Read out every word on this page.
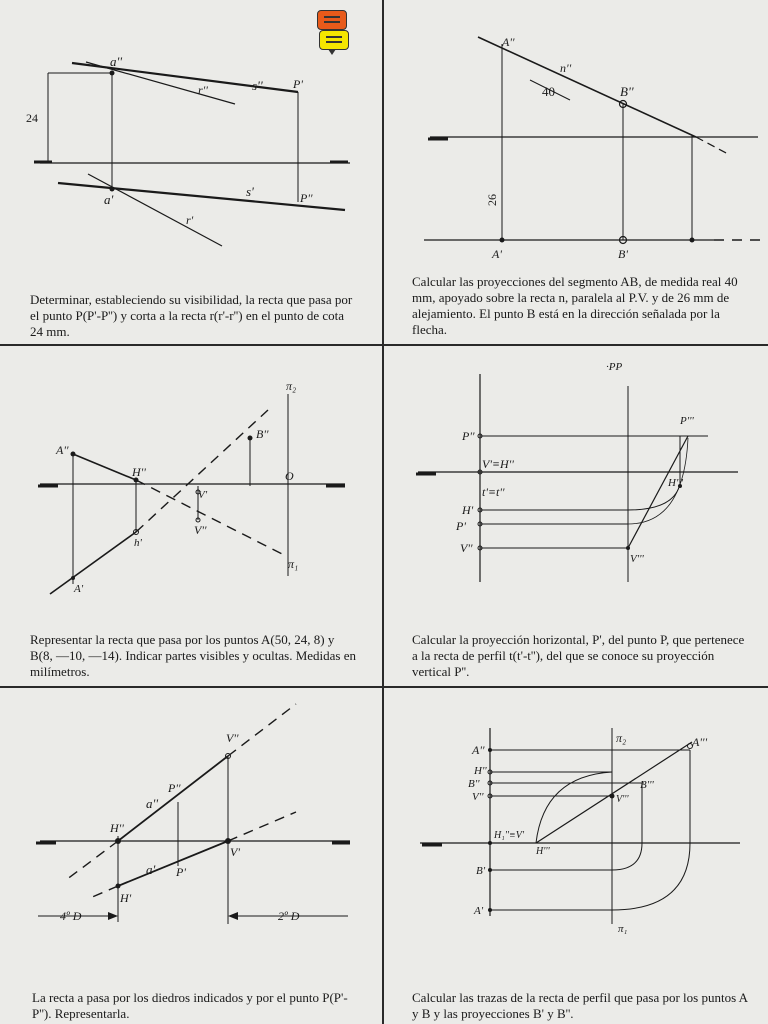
a''
s''
r''	P'
24
a'
s'	P''
r'
Determinar, estableciendo su visibilidad, la recta que pasa por el punto P(P'-P'') y corta a la recta r(r'-r'') en el punto de cota 24 mm.
A''
n''
B''
40
26
A'	B'
Calcular las proyecciones del segmento AB, de medida real 40 mm, apoyado sobre la recta n, paralela al P.V. y de 26 mm de alejamiento. El punto B está en la dirección señalada por la flecha.
π₂
A''
H''
B''
V'
O
h'
V''
π₁
A'
Representar la recta que pasa por los puntos A(50, 24, 8) y B(8, —10, —14). Indicar partes visibles y ocultas. Medidas en milímetros.
·PP
P'''
P''
V'≡H''
H'''
t'≡t''
H'
P'
V''
V'''
Calcular la proyección horizontal, P', del punto P, que pertenece a la recta de perfil t(t'-t''), del que se conoce su proyección vertical P''.
V''
a''
P''
H''
a'
V'
P'
H'
4º D	2º D
La recta a pasa por los diedros indicados y por el punto P(P'-P''). Representarla.
A''
π₂	A'''
H''
B''	B'''
V''	V'''
H₁''≡V'
H'''
B'
A'
π₁
Calcular las trazas de la recta de perfil que pasa por los puntos A y B y las proyecciones B' y B''.
